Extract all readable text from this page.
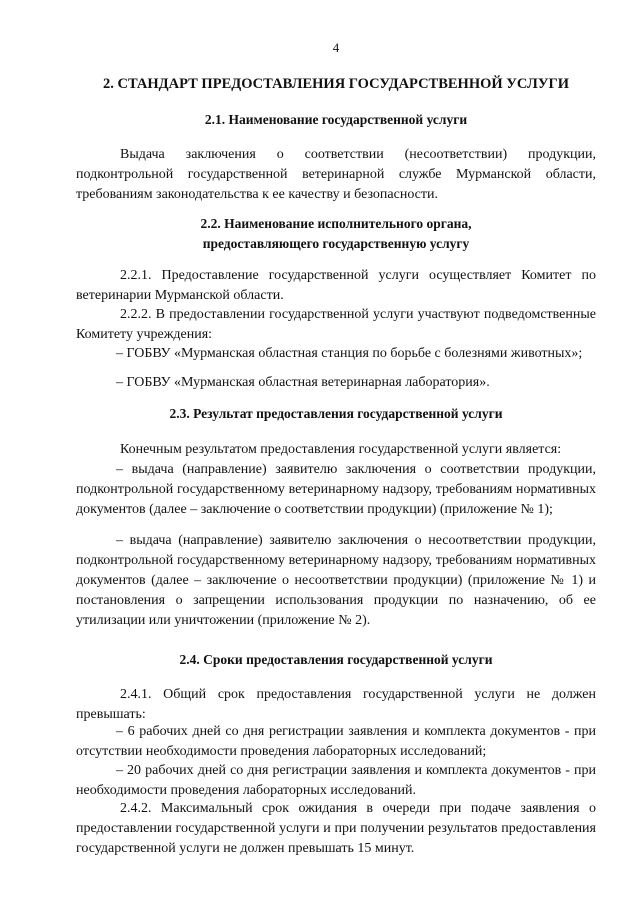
4
2. СТАНДАРТ ПРЕДОСТАВЛЕНИЯ ГОСУДАРСТВЕННОЙ УСЛУГИ
2.1. Наименование государственной услуги
Выдача заключения о соответствии (несоответствии) продукции, подконтрольной государственной ветеринарной службе Мурманской области, требованиям законодательства к ее качеству и безопасности.
2.2. Наименование исполнительного органа,
предоставляющего государственную услугу
2.2.1. Предоставление государственной услуги осуществляет Комитет по ветеринарии Мурманской области.
2.2.2. В предоставлении государственной услуги участвуют подведомственные Комитету учреждения:
– ГОБВУ «Мурманская областная станция по борьбе с болезнями животных»;
– ГОБВУ «Мурманская областная ветеринарная лаборатория».
2.3. Результат предоставления государственной услуги
Конечным результатом предоставления государственной услуги является:
– выдача (направление) заявителю заключения о соответствии продукции, подконтрольной государственному ветеринарному надзору, требованиям нормативных документов (далее – заключение о соответствии продукции) (приложение № 1);
– выдача (направление) заявителю заключения о несоответствии продукции, подконтрольной государственному ветеринарному надзору, требованиям нормативных документов (далее – заключение о несоответствии продукции) (приложение № 1) и постановления о запрещении использования продукции по назначению, об ее утилизации или уничтожении (приложение № 2).
2.4. Сроки предоставления государственной услуги
2.4.1. Общий срок предоставления государственной услуги не должен превышать:
– 6 рабочих дней со дня регистрации заявления и комплекта документов - при отсутствии необходимости проведения лабораторных исследований;
– 20 рабочих дней со дня регистрации заявления и комплекта документов - при необходимости проведения лабораторных исследований.
2.4.2. Максимальный срок ожидания в очереди при подаче заявления о предоставлении государственной услуги и при получении результатов предоставления государственной услуги не должен превышать 15 минут.
